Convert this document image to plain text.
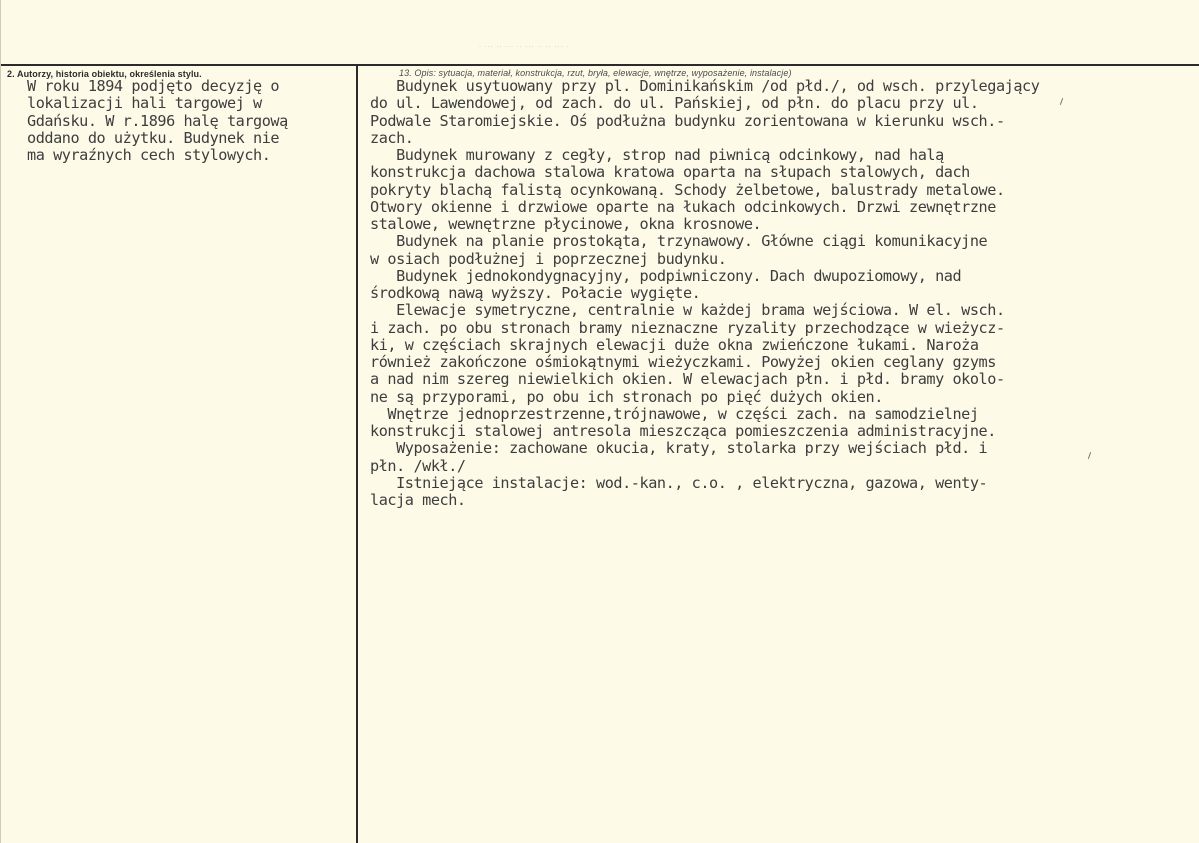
· ··· ·· ··· ·· ··· ·· ·· ··· ·
2. Autorzy, historia obiektu, określenia stylu.	13. Opis: sytuacja, materiał, konstrukcja, rzut, bryła, elewacje, wnętrze, wyposażenie, instalacje)
W roku 1894 podjęto decyzję o
lokalizacji hali targowej w
Gdańsku. W r.1896 halę targową
oddano do użytku. Budynek nie
ma wyraźnych cech stylowych.
Budynek usytuowany przy pl. Dominikańskim /od płd./, od wsch. przylegający
do ul. Lawendowej, od zach. do ul. Pańskiej, od płn. do placu przy ul.
Podwale Staromiejskie. Oś podłużna budynku zorientowana w kierunku wsch.-
zach.
Budynek murowany z cegły, strop nad piwnicą odcinkowy, nad halą
konstrukcja dachowa stalowa kratowa oparta na słupach stalowych, dach
pokryty blachą falistą ocynkowaną. Schody żelbetowe, balustrady metalowe.
Otwory okienne i drzwiowe oparte na łukach odcinkowych. Drzwi zewnętrzne
stalowe, wewnętrzne płycinowe, okna krosnowe.
Budynek na planie prostokąta, trzynawowy. Główne ciągi komunikacyjne
w osiach podłużnej i poprzecznej budynku.
Budynek jednokondygnacyjny, podpiwniczony. Dach dwupoziomowy, nad
środkową nawą wyższy. Połacie wygięte.
Elewacje symetryczne, centralnie w każdej brama wejściowa. W el. wsch.
i zach. po obu stronach bramy nieznaczne ryzality przechodzące w wieżycz-
ki, w częściach skrajnych elewacji duże okna zwieńczone łukami. Naroża
również zakończone ośmiokątnymi wieżyczkami. Powyżej okien ceglany gzyms
a nad nim szereg niewielkich okien. W elewacjach płn. i płd. bramy okolo-
ne są przyporami, po obu ich stronach po pięć dużych okien.
Wnętrze jednoprzestrzenne,trójnawowe, w części zach. na samodzielnej
konstrukcji stalowej antresola mieszcząca pomieszczenia administracyjne.
Wyposażenie: zachowane okucia, kraty, stolarka przy wejściach płd. i
płn. /wkł./
Istniejące instalacje: wod.-kan., c.o. , elektryczna, gazowa, wenty-
lacja mech.
